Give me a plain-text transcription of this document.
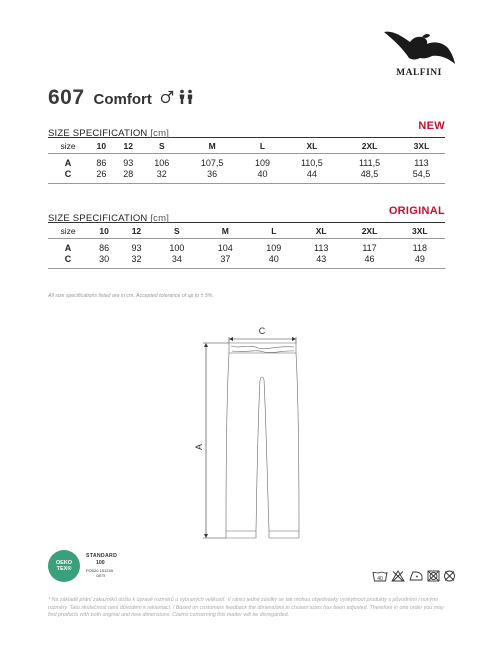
MALFINI
607 Comfort
SIZE SPECIFICATION [cm]
NEW
size	10	12	S	M	L	XL	2XL	3XL
A	86	93	106	107,5	109	110,5	111,5	113
C	26	28	32	36	40	44	48,5	54,5
SIZE SPECIFICATION [cm]
ORIGINAL
size	10	12	S	M	L	XL	2XL	3XL
A	86	93	100	104	109	113	117	118
C	30	32	34	37	40	43	46	49
All size specifications listed are in cm. Accepted tolerance of up to ± 5%.
C
A
OEKO
TEX®
STANDARD
100
PO020 151249
OETI
40
* Na základě přání zákazníků došlo k úpravě rozměrů u vybraných velikostí. V rámci jedné zásilky se tak mohou objednávky vyskytnout produkty s původními i novými rozměry. Tato skutečnost není důvodem k reklamaci. / Based on customers feedback the dimensions in chosen sizes has been adjusted. Therefore in one order you may find products with both original and new dimensions. Claims concerning this matter will be disregarded.
